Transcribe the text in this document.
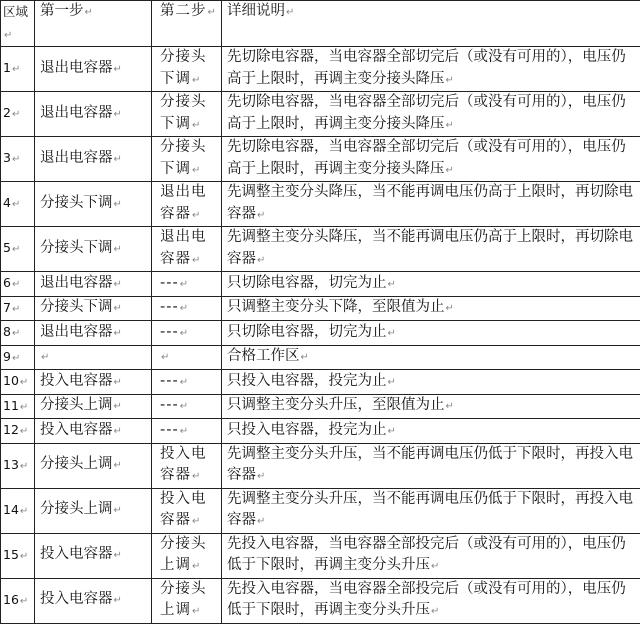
区域↵	第一步↵	第二步↵	详细说明↵
1↵	退出电容器↵	分接头下调↵	先切除电容器，当电容器全部切完后（或没有可用的），电压仍高于上限时，再调主变分接头降压↵
2↵	退出电容器↵	分接头下调↵	先切除电容器，当电容器全部切完后（或没有可用的），电压仍高于上限时，再调主变分接头降压↵
3↵	退出电容器↵	分接头下调↵	先切除电容器，当电容器全部切完后（或没有可用的），电压仍高于上限时，再调主变分接头降压↵
4↵	分接头下调↵	退出电容器↵	先调整主变分头降压，当不能再调电压仍高于上限时，再切除电容器↵
5↵	分接头下调↵	退出电容器↵	先调整主变分头降压，当不能再调电压仍高于上限时，再切除电容器↵
6↵	退出电容器↵	---↵	只切除电容器，切完为止↵
7↵	分接头下调↵	---↵	只调整主变分头下降，至限值为止↵
8↵	退出电容器↵	---↵	只切除电容器，切完为止↵
9↵	↵	↵	合格工作区↵
10↵	投入电容器↵	---↵	只投入电容器，投完为止↵
11↵	分接头上调↵	---↵	只调整主变分头升压，至限值为止↵
12↵	投入电容器↵	---↵	只投入电容器，投完为止↵
13↵	分接头上调↵	投入电容器↵	先调整主变分头升压，当不能再调电压仍低于下限时，再投入电容器↵
14↵	分接头上调↵	投入电容器↵	先调整主变分头升压，当不能再调电压仍低于下限时，再投入电容器↵
15↵	投入电容器↵	分接头上调↵	先投入电容器，当电容器全部投完后（或没有可用的），电压仍低于下限时，再调主变分头升压↵
16↵	投入电容器↵	分接头上调↵	先投入电容器，当电容器全部投完后（或没有可用的），电压仍低于下限时，再调主变分头升压↵
